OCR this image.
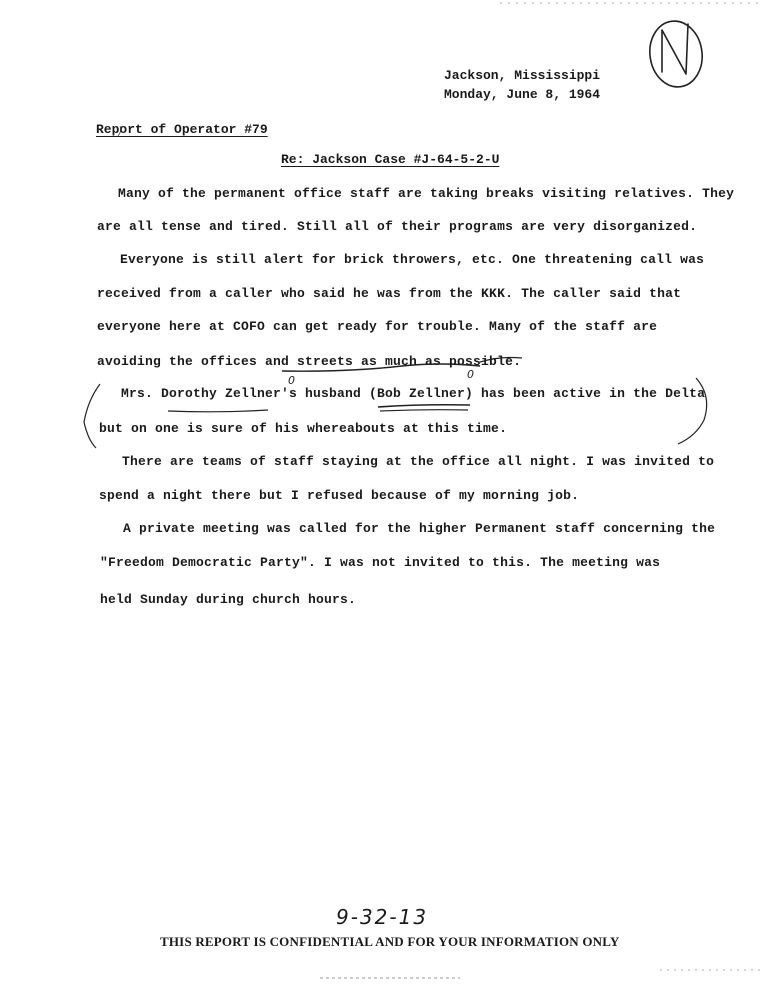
Jackson, Mississippi
Monday, June 8, 1964
Report of Operator #79
Re: Jackson Case #J-64-5-2-U
Many of the permanent office staff are taking breaks visiting relatives. They
are all tense and tired. Still all of their programs are very disorganized.
Everyone is still alert for brick throwers, etc. One threatening call was
received from a caller who said he was from the KKK. The caller said that
everyone here at COFO can get ready for trouble. Many of the staff are
avoiding the offices and streets as much as possible.
Mrs. Dorothy Zellner's husband (Bob Zellner) has been active in the Delta
but on one is sure of his whereabouts at this time.
There are teams of staff staying at the office all night. I was invited to
spend a night there but I refused because of my morning job.
A private meeting was called for the higher Permanent staff concerning the
"Freedom Democratic Party". I was not invited to this. The meeting was
held Sunday during church hours.
9-32-13
THIS REPORT IS CONFIDENTIAL AND FOR YOUR INFORMATION ONLY
N
0	0
